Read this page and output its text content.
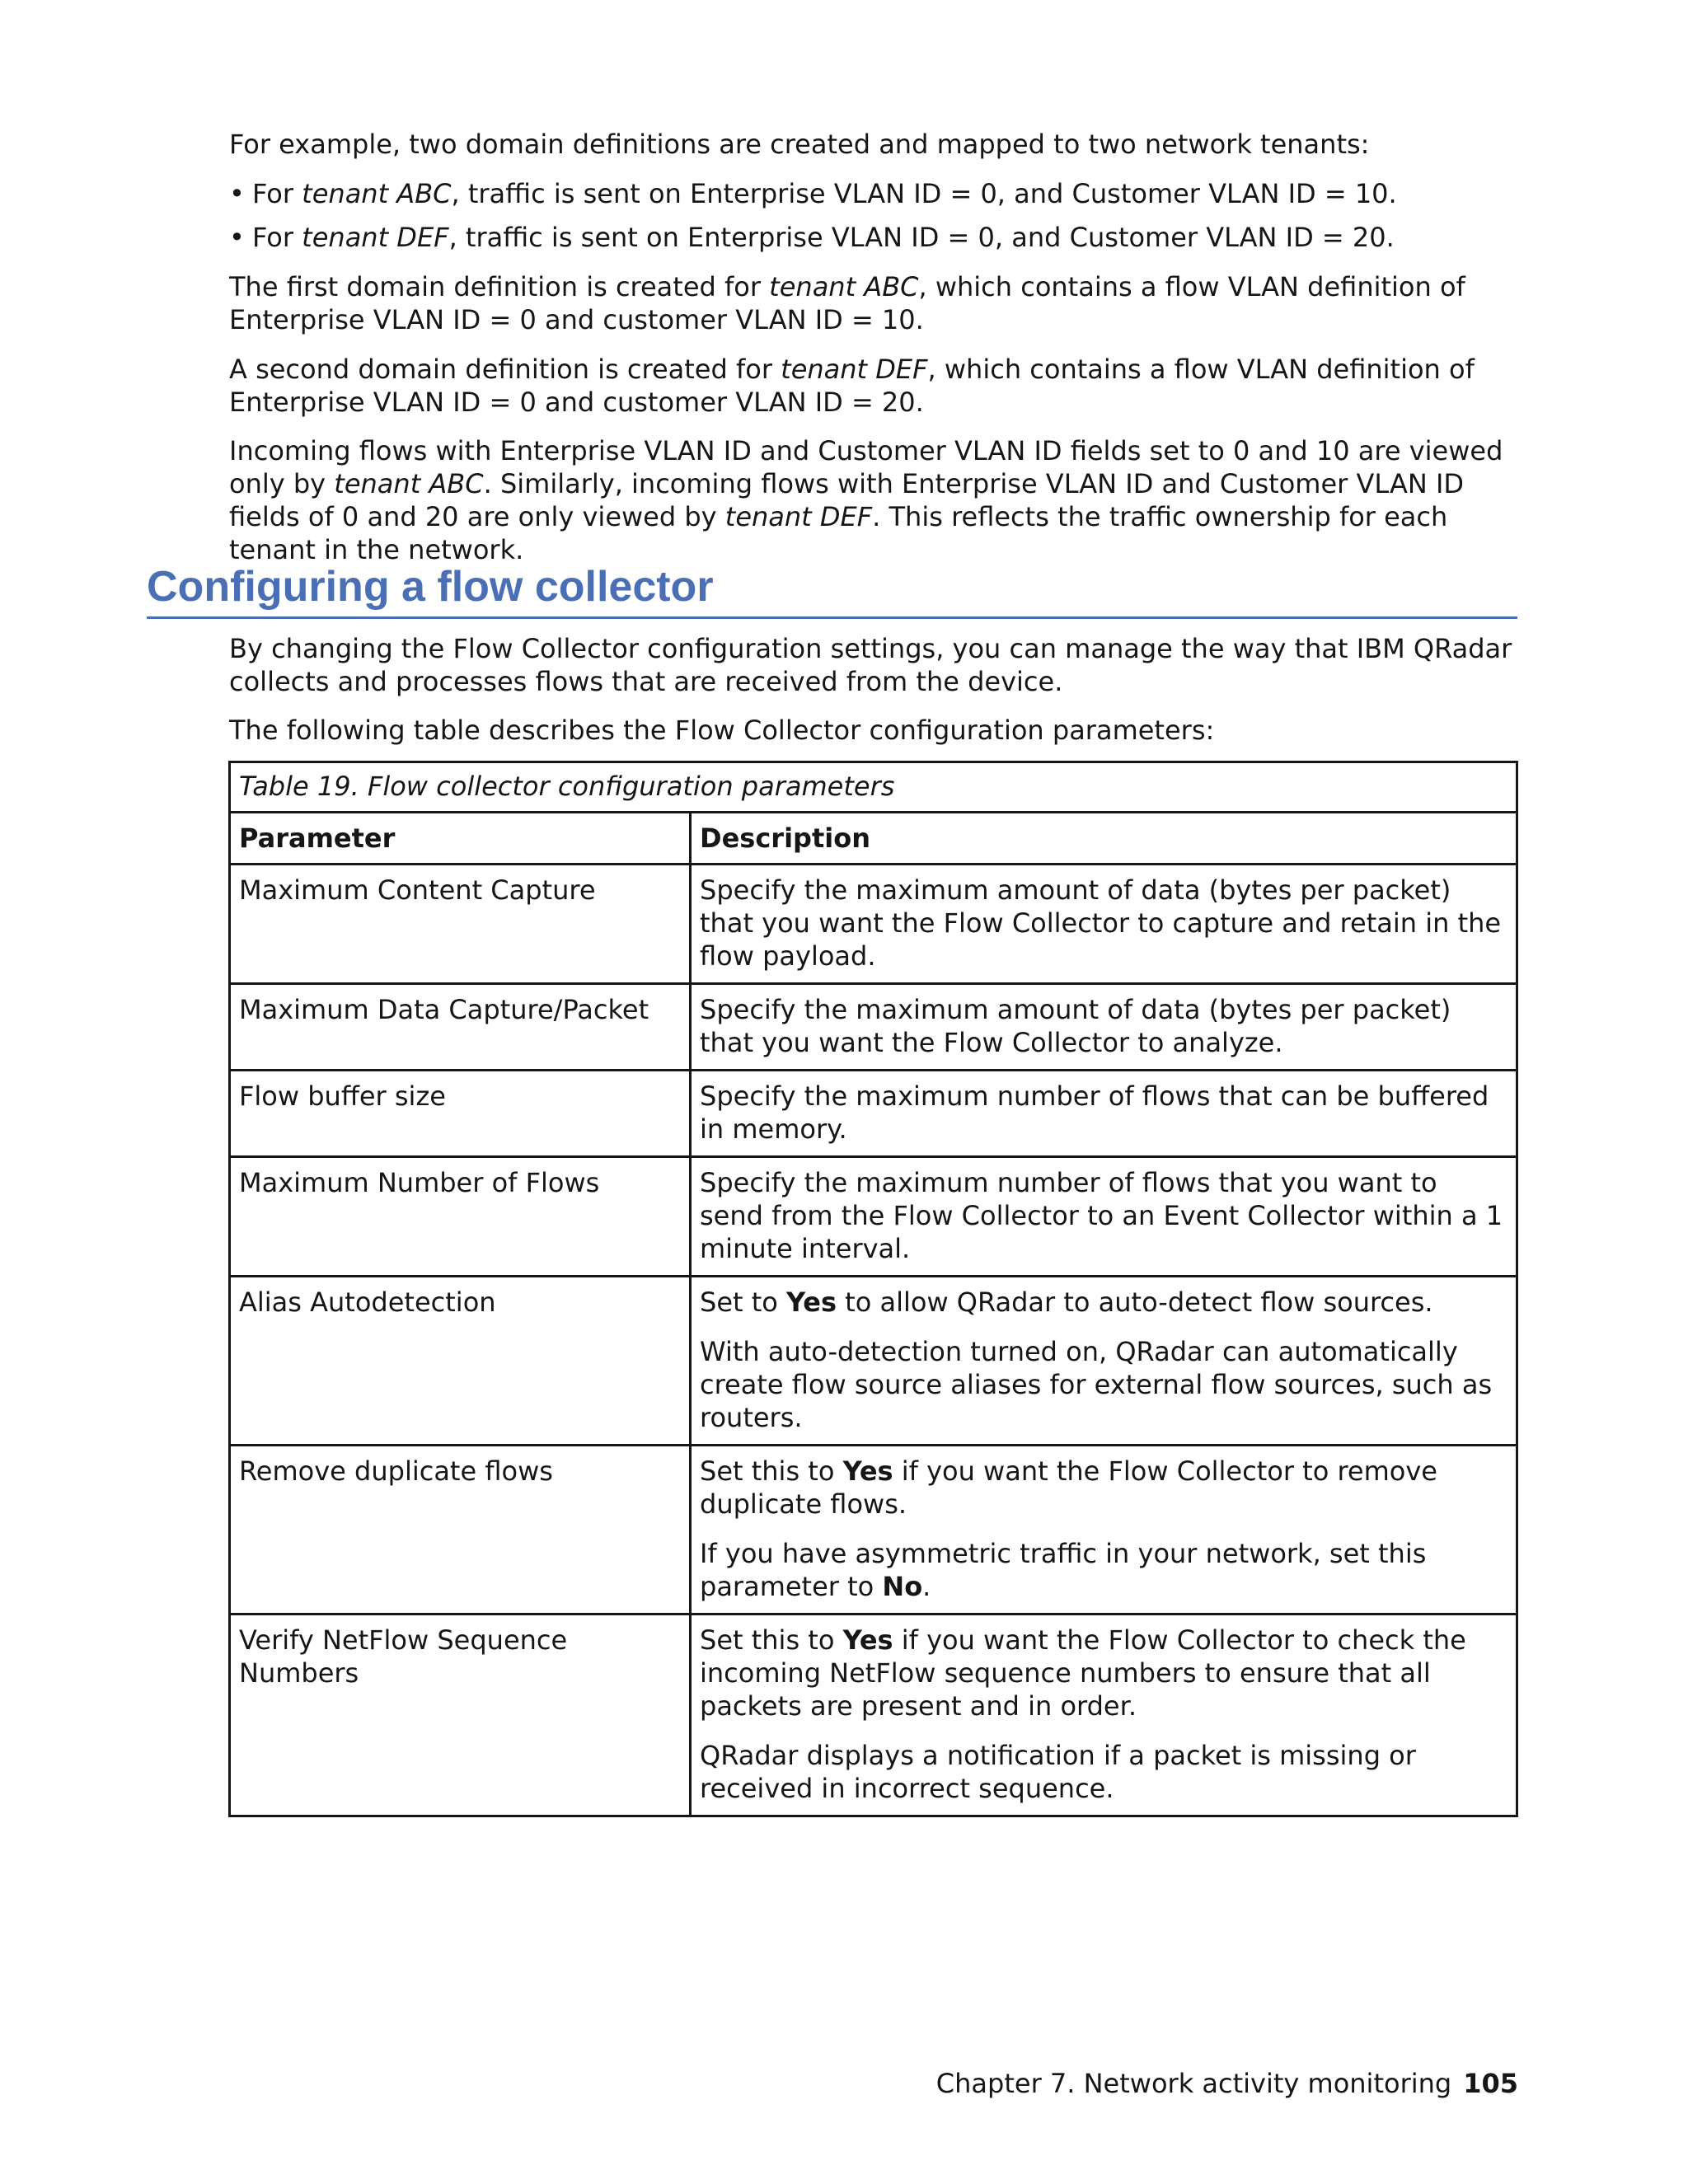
For example, two domain definitions are created and mapped to two network tenants:

• For tenant ABC, traffic is sent on Enterprise VLAN ID = 0, and Customer VLAN ID = 10.

• For tenant DEF, traffic is sent on Enterprise VLAN ID = 0, and Customer VLAN ID = 20.

The first domain definition is created for tenant ABC, which contains a flow VLAN definition of Enterprise VLAN ID = 0 and customer VLAN ID = 10.

A second domain definition is created for tenant DEF, which contains a flow VLAN definition of Enterprise VLAN ID = 0 and customer VLAN ID = 20.

Incoming flows with Enterprise VLAN ID and Customer VLAN ID fields set to 0 and 10 are viewed only by tenant ABC. Similarly, incoming flows with Enterprise VLAN ID and Customer VLAN ID fields of 0 and 20 are only viewed by tenant DEF. This reflects the traffic ownership for each tenant in the network.

Configuring a flow collector

By changing the Flow Collector configuration settings, you can manage the way that IBM QRadar collects and processes flows that are received from the device.

The following table describes the Flow Collector configuration parameters:

Table 19. Flow collector configuration parameters	
Parameter	Description
Maximum Content Capture	Specify the maximum amount of data (bytes per packet) that you want the Flow Collector to capture and retain in the flow payload.
Maximum Data Capture/Packet	Specify the maximum amount of data (bytes per packet) that you want the Flow Collector to analyze.
Flow buffer size	Specify the maximum number of flows that can be buffered in memory.
Maximum Number of Flows	Specify the maximum number of flows that you want to send from the Flow Collector to an Event Collector within a 1 minute interval.
Alias Autodetection	Set to Yes to allow QRadar to auto-detect flow sources.

With auto-detection turned on, QRadar can automatically create flow source aliases for external flow sources, such as routers.

Remove duplicate flows	Set this to Yes if you want the Flow Collector to remove duplicate flows.

If you have asymmetric traffic in your network, set this parameter to No.

Verify NetFlow Sequence Numbers	Set this to Yes if you want the Flow Collector to check the incoming NetFlow sequence numbers to ensure that all packets are present and in order.

QRadar displays a notification if a packet is missing or received in incorrect sequence.

Chapter 7. Network activity monitoring 105
